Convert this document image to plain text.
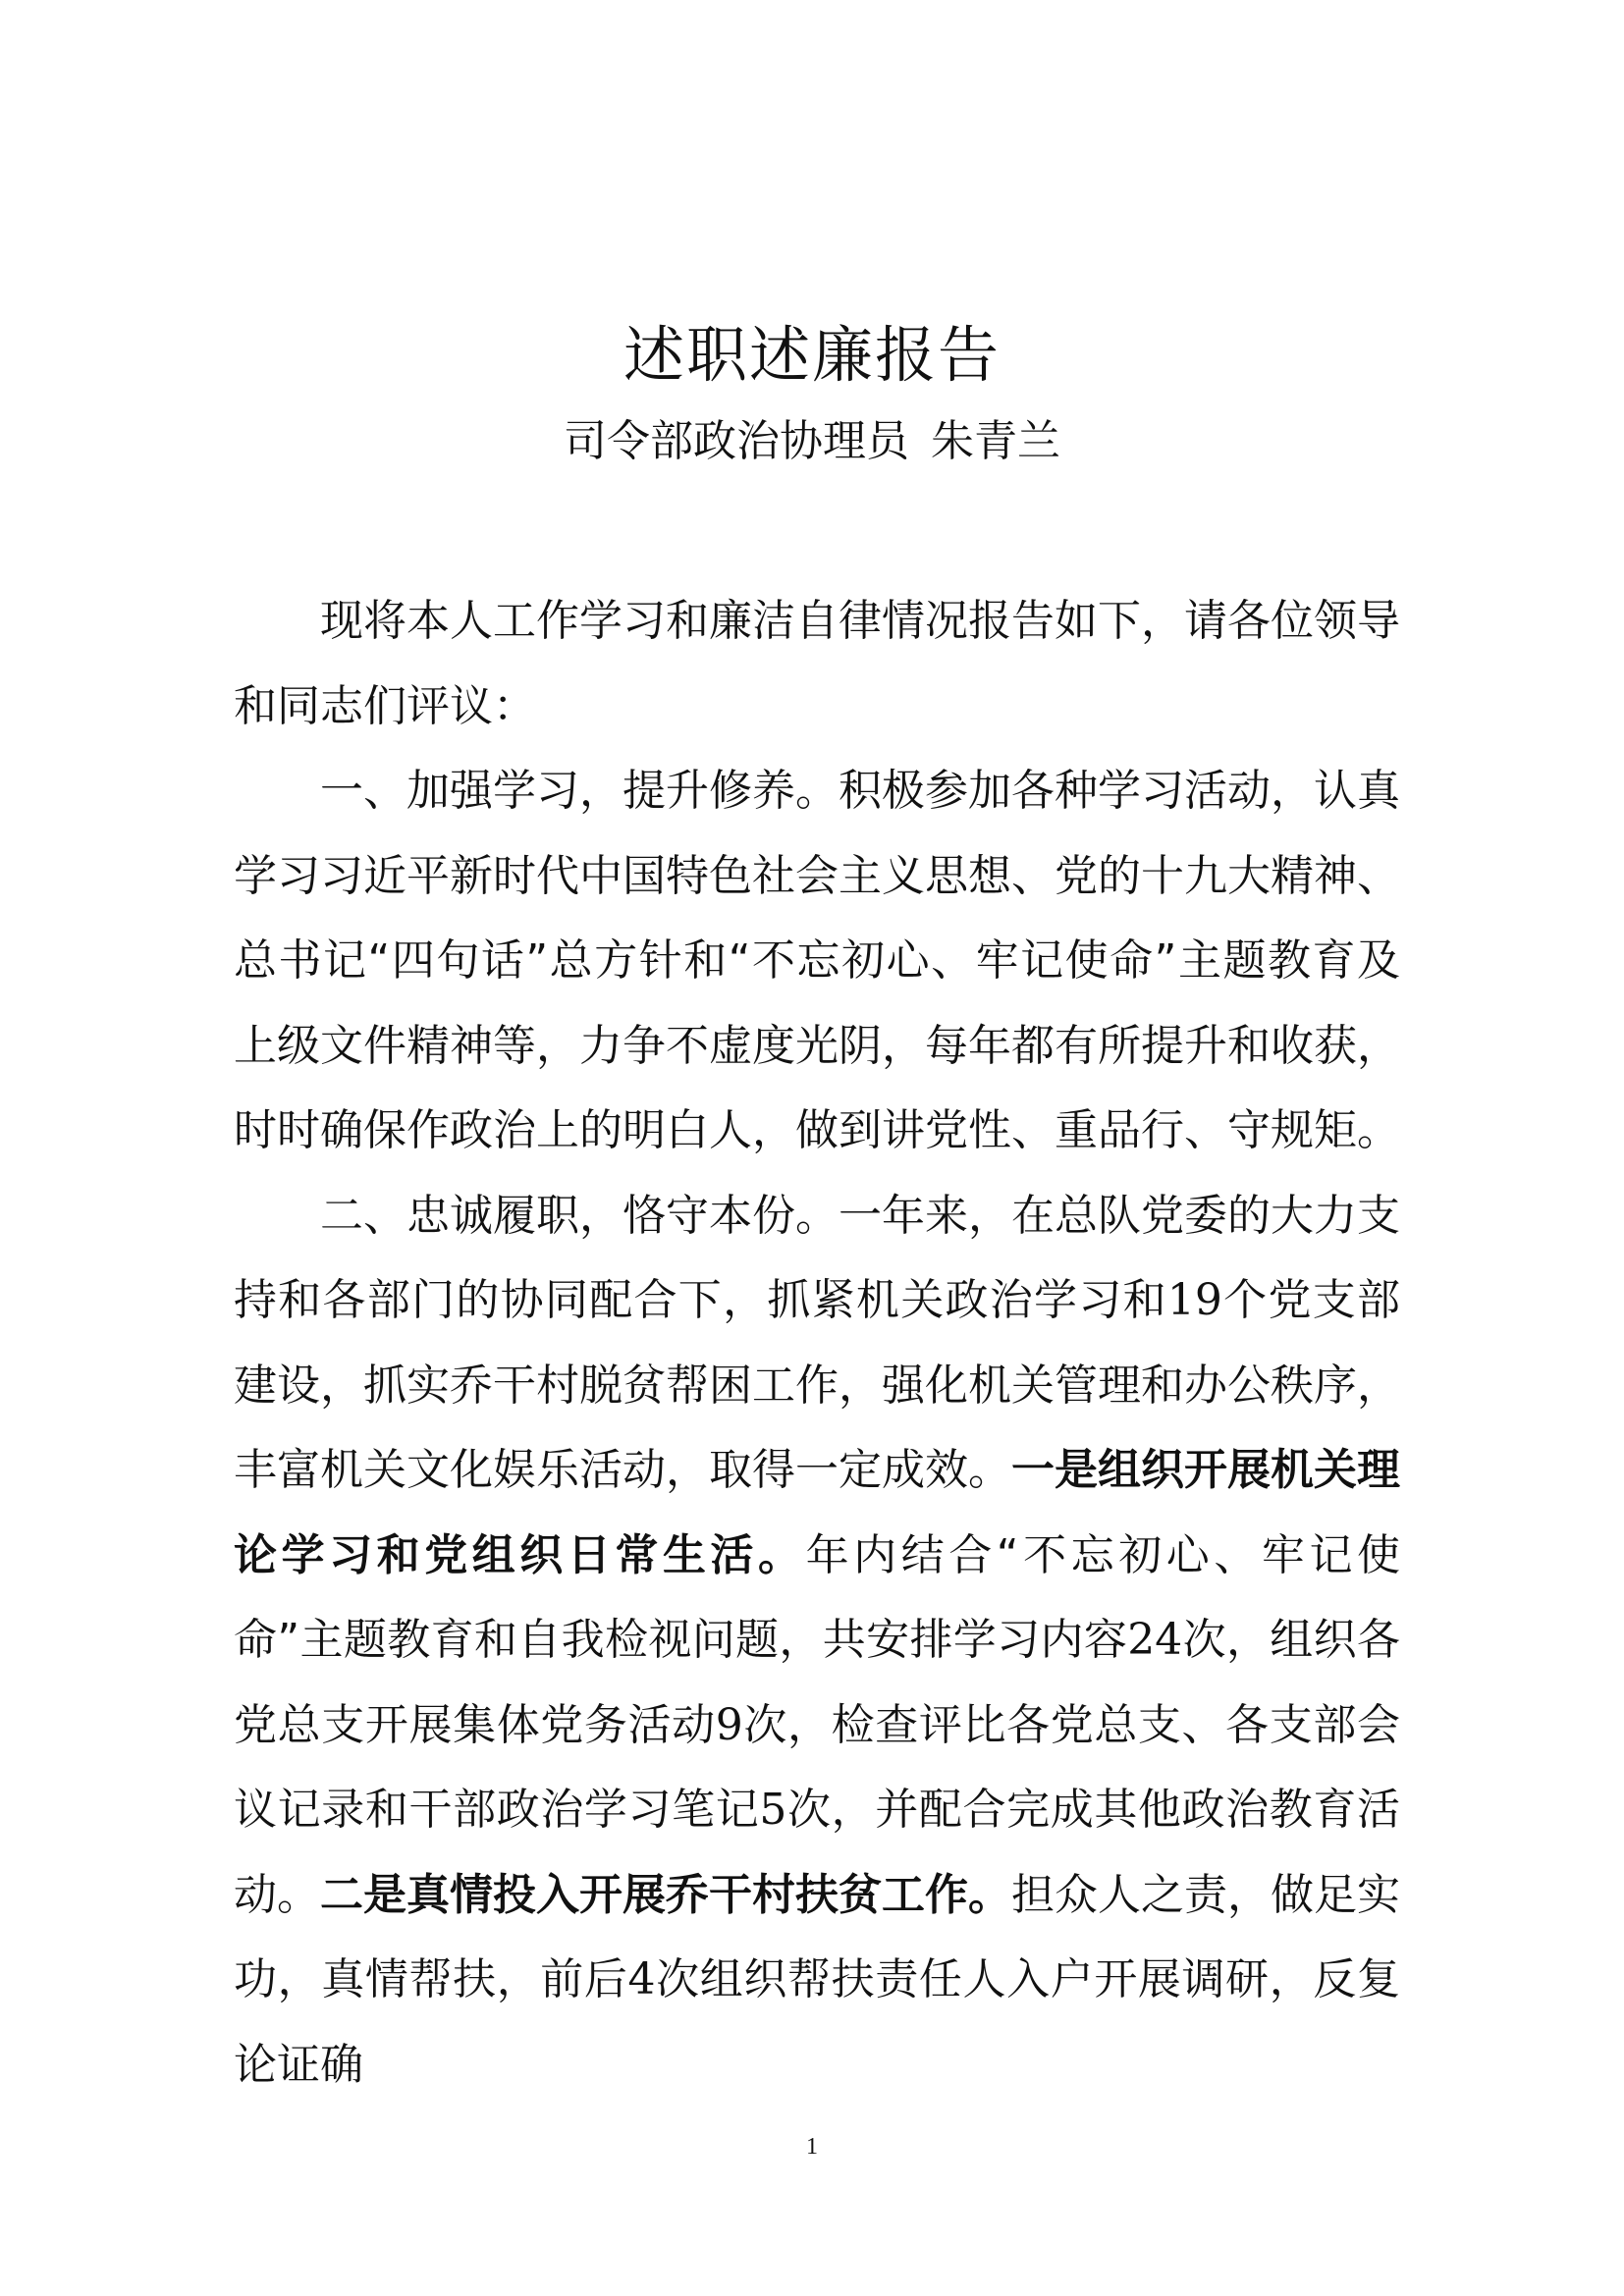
述职述廉报告
司令部政治协理员 朱青兰

现将本人工作学习和廉洁自律情况报告如下，请各位领导和同志们评议：

一、加强学习，提升修养。积极参加各种学习活动，认真学习习近平新时代中国特色社会主义思想、党的十九大精神、总书记“四句话”总方针和“不忘初心、牢记使命”主题教育及上级文件精神等，力争不虚度光阴，每年都有所提升和收获，时时确保作政治上的明白人，做到讲党性、重品行、守规矩。

二、忠诚履职，恪守本份。一年来，在总队党委的大力支持和各部门的协同配合下，抓紧机关政治学习和19个党支部建设，抓实乔干村脱贫帮困工作，强化机关管理和办公秩序，丰富机关文化娱乐活动，取得一定成效。一是组织开展机关理论学习和党组织日常生活。年内结合“不忘初心、牢记使命”主题教育和自我检视问题，共安排学习内容24次，组织各党总支开展集体党务活动9次，检查评比各党总支、各支部会议记录和干部政治学习笔记5次，并配合完成其他政治教育活动。二是真情投入开展乔干村扶贫工作。担众人之责，做足实功，真情帮扶，前后4次组织帮扶责任人入户开展调研，反复论证确

1
